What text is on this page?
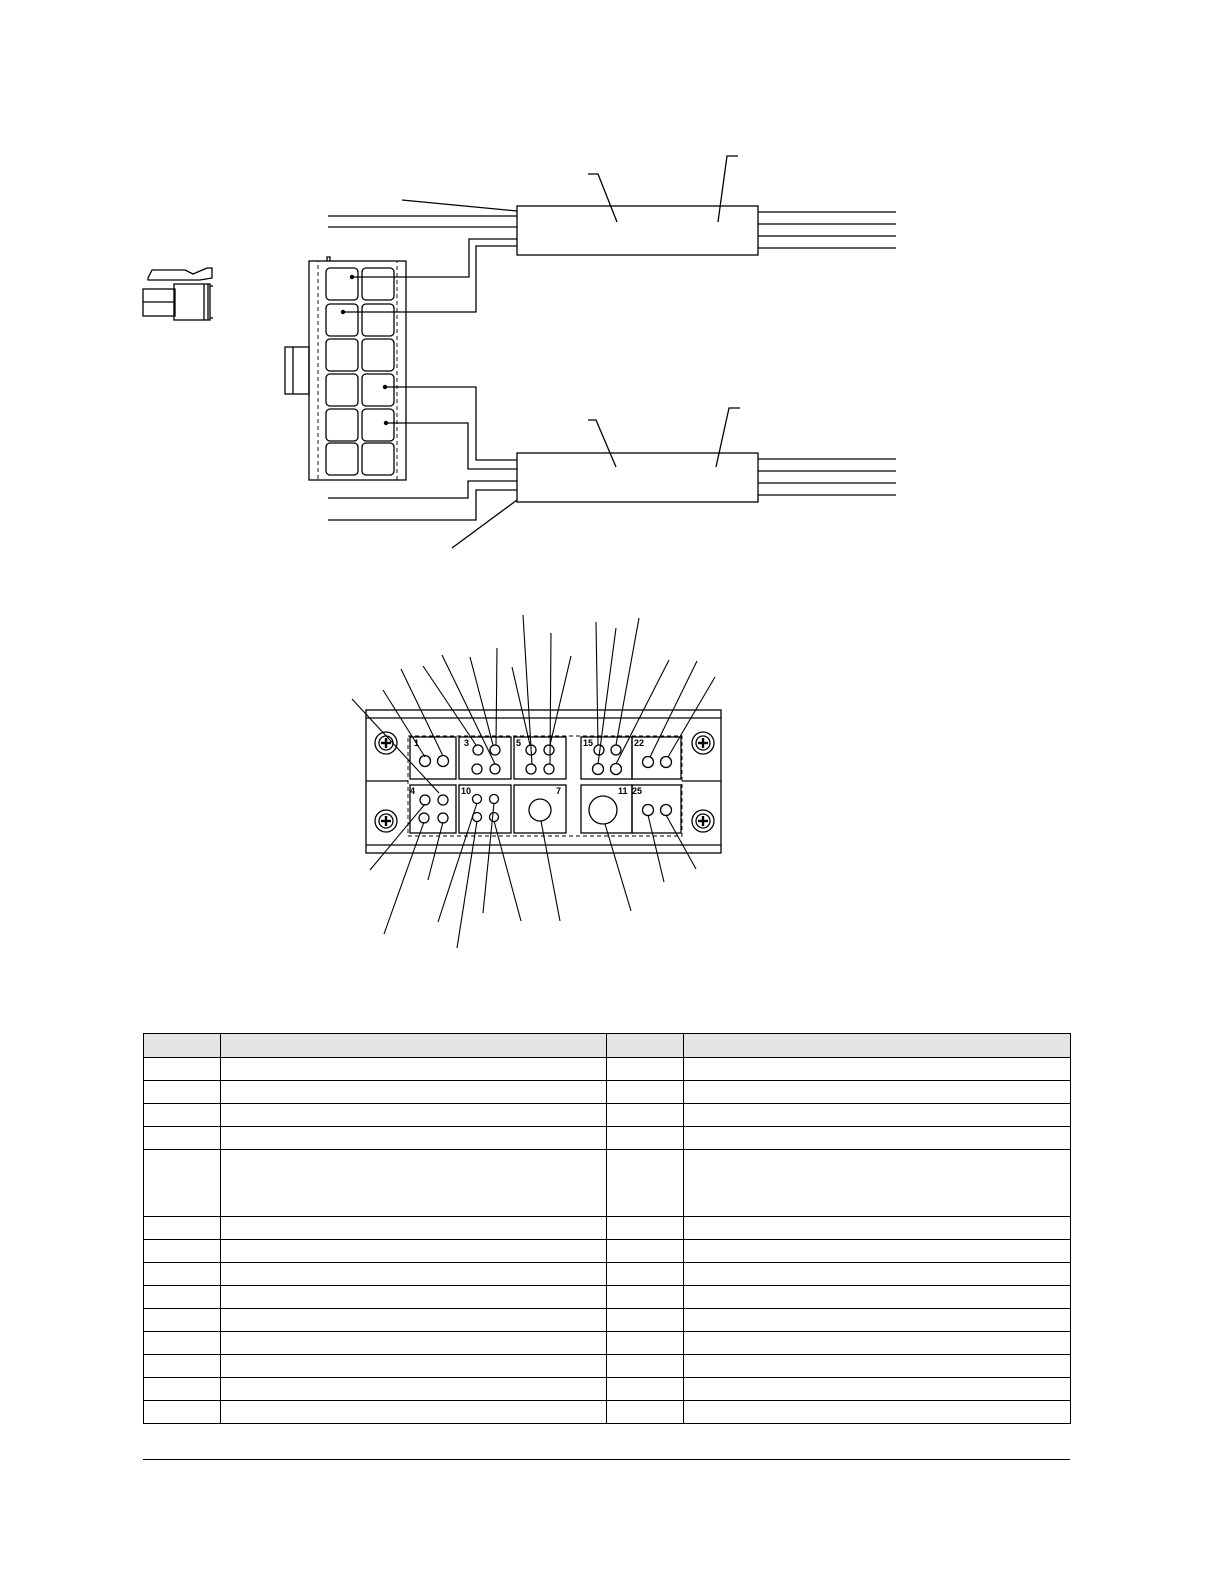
1	3	5	15	22
4	10	7	11 25
